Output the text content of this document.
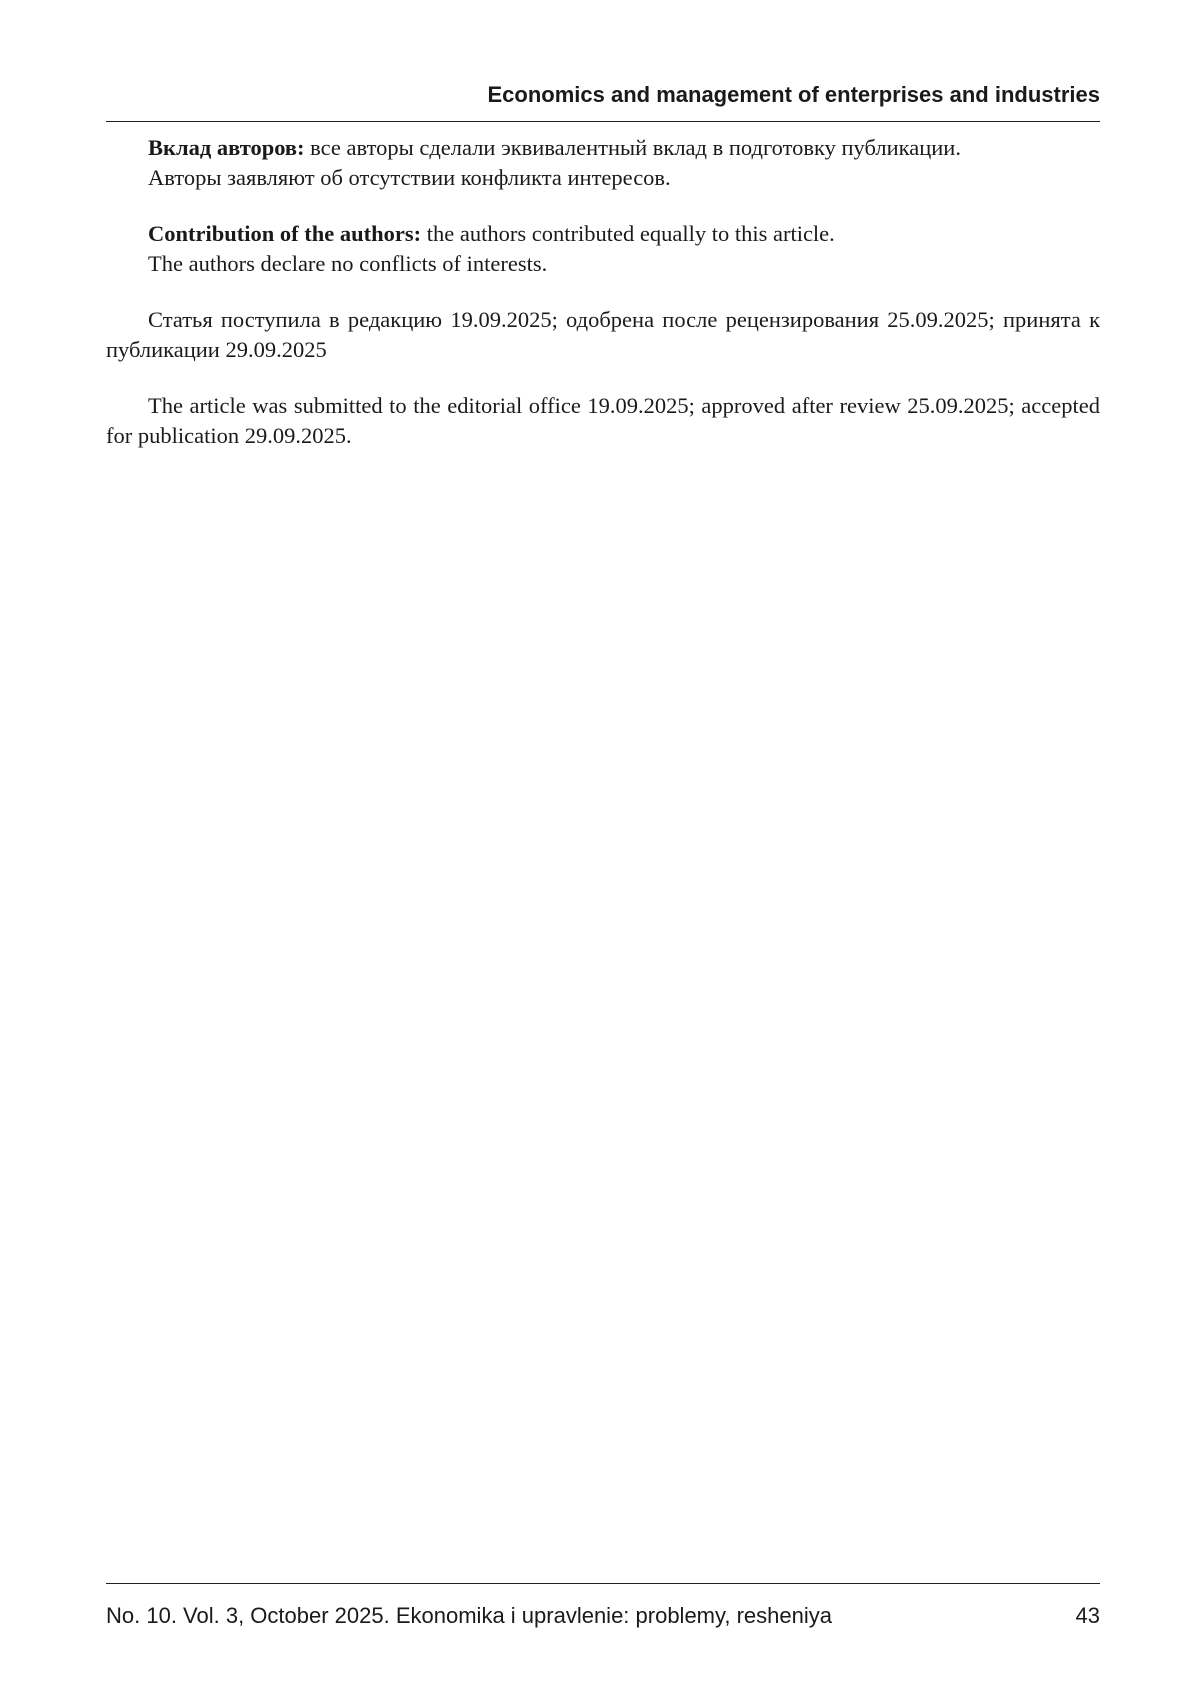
Economics and management of enterprises and industries

Вклад авторов: все авторы сделали эквивалентный вклад в подготовку публикации.

Авторы заявляют об отсутствии конфликта интересов.

Contribution of the authors: the authors contributed equally to this article.

The authors declare no conflicts of interests.

Статья поступила в редакцию 19.09.2025; одобрена после рецензирования 25.09.2025; принята к публикации 29.09.2025

The article was submitted to the editorial office 19.09.2025; approved after review 25.09.2025; accepted for publication 29.09.2025.

No. 10. Vol. 3, October 2025. Ekonomika i upravlenie: problemy, resheniya	43
